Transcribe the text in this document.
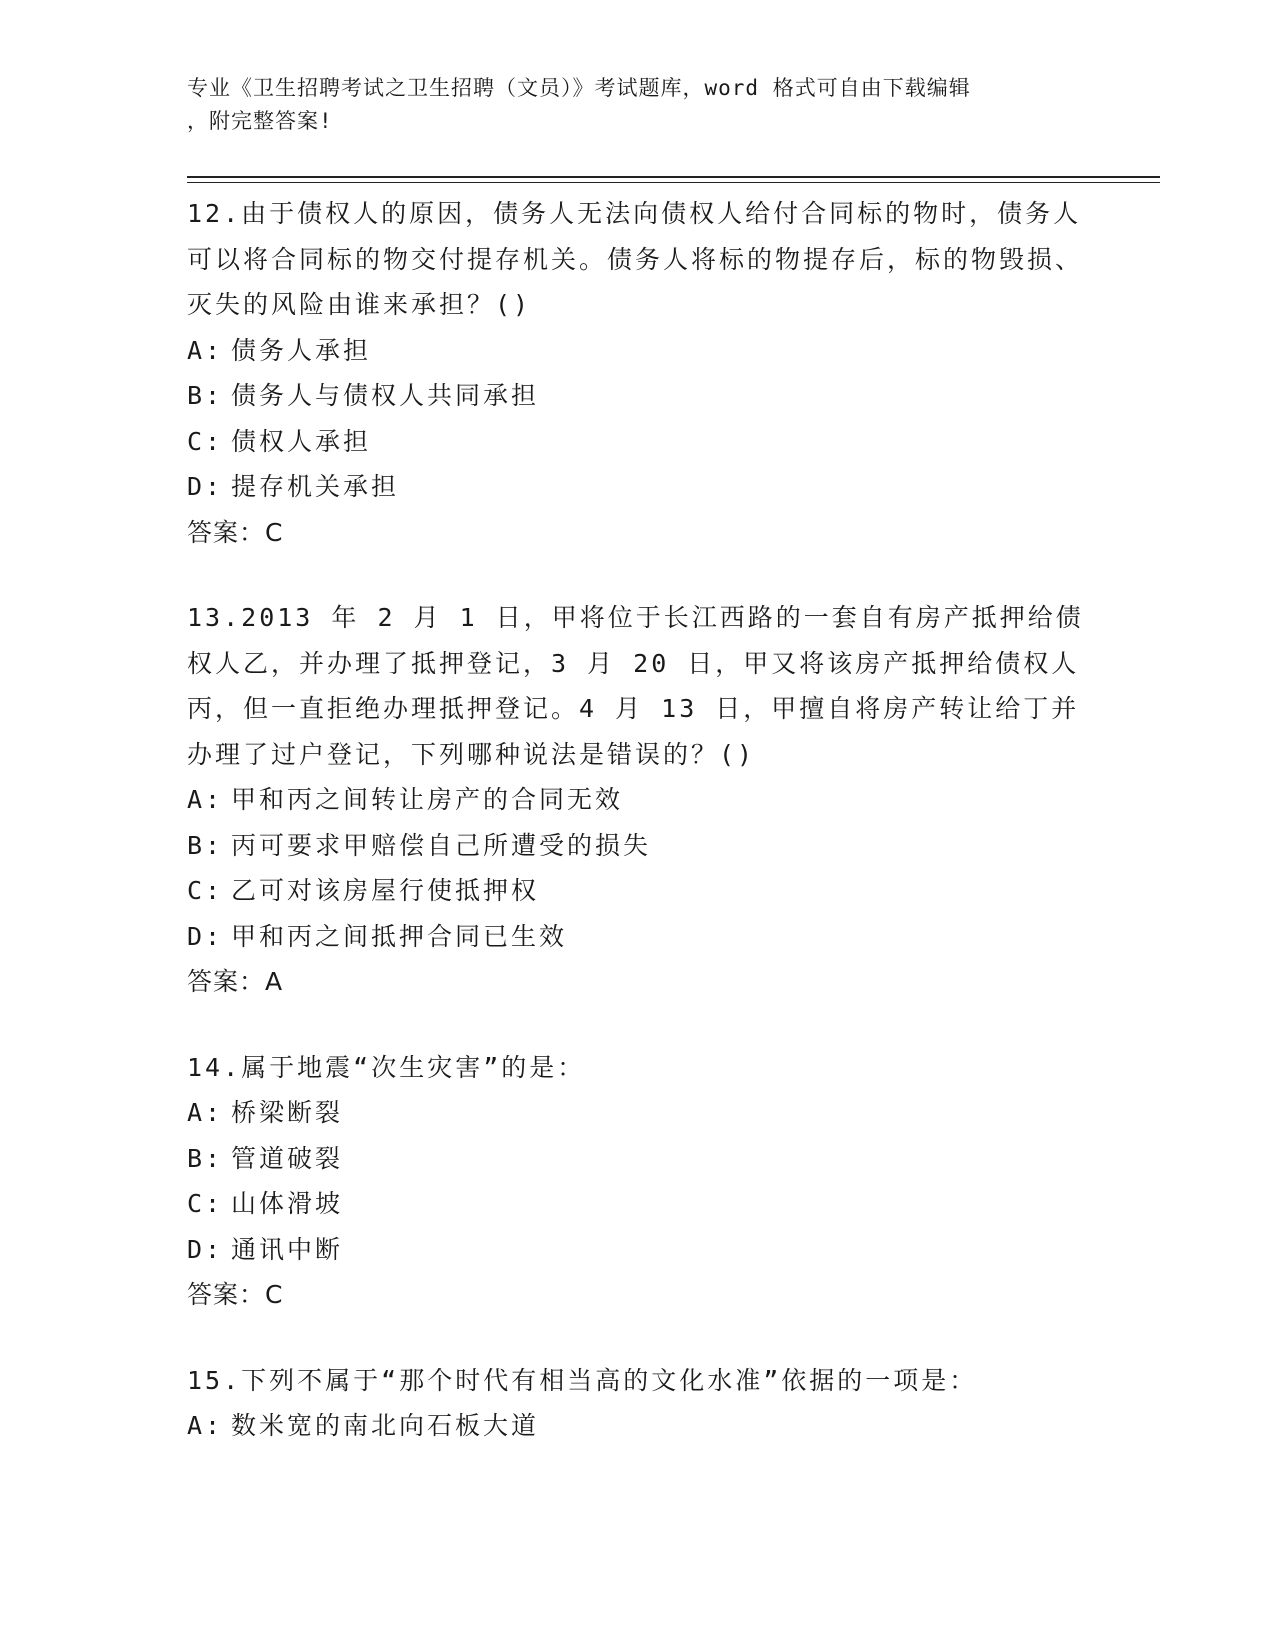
专业《卫生招聘考试之卫生招聘（文员）》考试题库，word 格式可自由下载编辑
，附完整答案!
12.由于债权人的原因，债务人无法向债权人给付合同标的物时，债务人可以将合同标的物交付提存机关。债务人将标的物提存后，标的物毁损、灭失的风险由谁来承担？()
A: 债务人承担
B: 债务人与债权人共同承担
C: 债权人承担
D: 提存机关承担
答案：C
13.2013 年 2 月 1 日，甲将位于长江西路的一套自有房产抵押给债权人乙，并办理了抵押登记，3 月 20 日，甲又将该房产抵押给债权人丙，但一直拒绝办理抵押登记。4 月 13 日，甲擅自将房产转让给丁并办理了过户登记，下列哪种说法是错误的？()
A: 甲和丙之间转让房产的合同无效
B: 丙可要求甲赔偿自己所遭受的损失
C: 乙可对该房屋行使抵押权
D: 甲和丙之间抵押合同已生效
答案：A
14.属于地震“次生灾害”的是：
A: 桥梁断裂
B: 管道破裂
C: 山体滑坡
D: 通讯中断
答案：C
15.下列不属于“那个时代有相当高的文化水准”依据的一项是：
A: 数米宽的南北向石板大道
